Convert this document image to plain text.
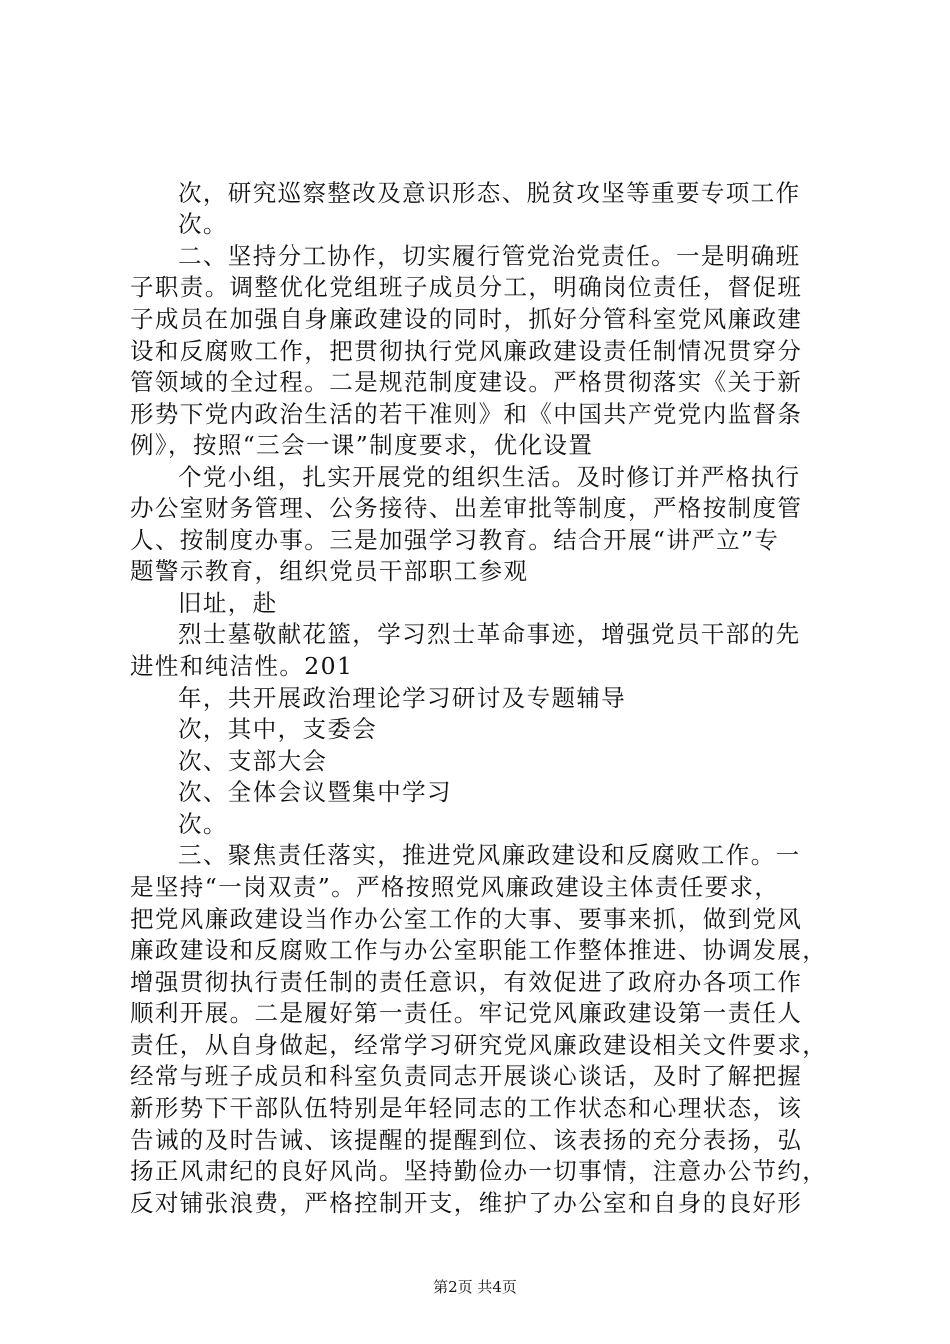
次，研究巡察整改及意识形态、脱贫攻坚等重要专项工作
次。
二、坚持分工协作，切实履行管党治党责任。一是明确班
子职责。调整优化党组班子成员分工，明确岗位责任，督促班
子成员在加强自身廉政建设的同时，抓好分管科室党风廉政建
设和反腐败工作，把贯彻执行党风廉政建设责任制情况贯穿分
管领域的全过程。二是规范制度建设。严格贯彻落实《关于新
形势下党内政治生活的若干准则》和《中国共产党党内监督条
例》，按照“三会一课”制度要求，优化设置
个党小组，扎实开展党的组织生活。及时修订并严格执行
办公室财务管理、公务接待、出差审批等制度，严格按制度管
人、按制度办事。三是加强学习教育。结合开展“讲严立”专
题警示教育，组织党员干部职工参观
旧址，赴
烈士墓敬献花篮，学习烈士革命事迹，增强党员干部的先
进性和纯洁性。201
年，共开展政治理论学习研讨及专题辅导
次，其中，支委会
次、支部大会
次、全体会议暨集中学习
次。
三、聚焦责任落实，推进党风廉政建设和反腐败工作。一
是坚持“一岗双责”。严格按照党风廉政建设主体责任要求，
把党风廉政建设当作办公室工作的大事、要事来抓，做到党风
廉政建设和反腐败工作与办公室职能工作整体推进、协调发展，
增强贯彻执行责任制的责任意识，有效促进了政府办各项工作
顺利开展。二是履好第一责任。牢记党风廉政建设第一责任人
责任，从自身做起，经常学习研究党风廉政建设相关文件要求，
经常与班子成员和科室负责同志开展谈心谈话，及时了解把握
新形势下干部队伍特别是年轻同志的工作状态和心理状态，该
告诫的及时告诫、该提醒的提醒到位、该表扬的充分表扬，弘
扬正风肃纪的良好风尚。坚持勤俭办一切事情，注意办公节约，
反对铺张浪费，严格控制开支，维护了办公室和自身的良好形
第2页 共4页
